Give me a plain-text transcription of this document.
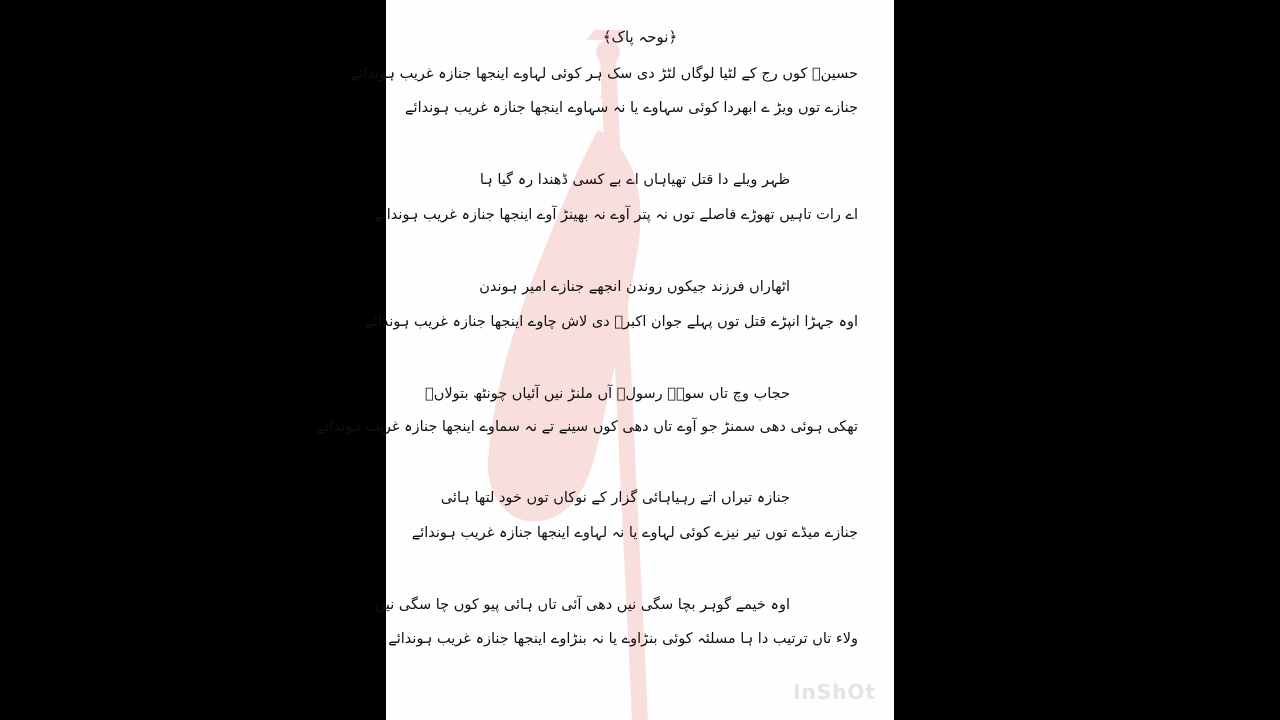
﴿نوحہ پاک﴾
حسینؑ کوں رج کے لٹیا لوگاں لٹڑ دی سک ہر کوئی لہاوے اینجھا جنازہ غریب ہوندائے
جنازے توں ویڑ ے ابھردا کوئی سہاوے یا نہ سہاوے اینجھا جنازہ غریب ہوندائے
ظہر ویلے دا قتل تھیاہاں اے بے کسی ڈھندا رہ گیا ہا
اے رات تاہیں تھوڑے فاصلے توں نہ پتر آوے نہ بھینڑ آوے اینجھا جنازہ غریب ہوندائے
اٹھاراں فرزند جیکوں روندن انجھے جنازے امیر ہوندن
اوہ جہڑا انپڑے قتل توں پہلے جوان اکبرؑ دی لاش چاوے اینجھا جنازہ غریب ہوندائے
حجاب وچ تاں سوہے رسولؐ آں ملنڑ نیں آئیاں چونٹھ بتولاںؑ
تھکی ہوئی دھی سمنڑ جو آوے تاں دھی کوں سینے تے نہ سماوے اینجھا جنازہ غریب ہوندائے
جنازہ تیراں اتے رہیاہائی گزار کے نوکاں توں خود لتھا ہائی
جنازے میڈے توں تیر نیزے کوئی لہاوے یا نہ لہاوے اینجھا جنازہ غریب ہوندائے
اوہ خیمے گوہر بچا سگی نیں دھی آئی تاں ہائی پیو کوں چا سگی نیں
ولاء تاں ترتیب دا ہا مسلئہ کوئی بنڑاوے یا نہ بنڑاوے اینجھا جنازہ غریب ہوندائے
InShOt
